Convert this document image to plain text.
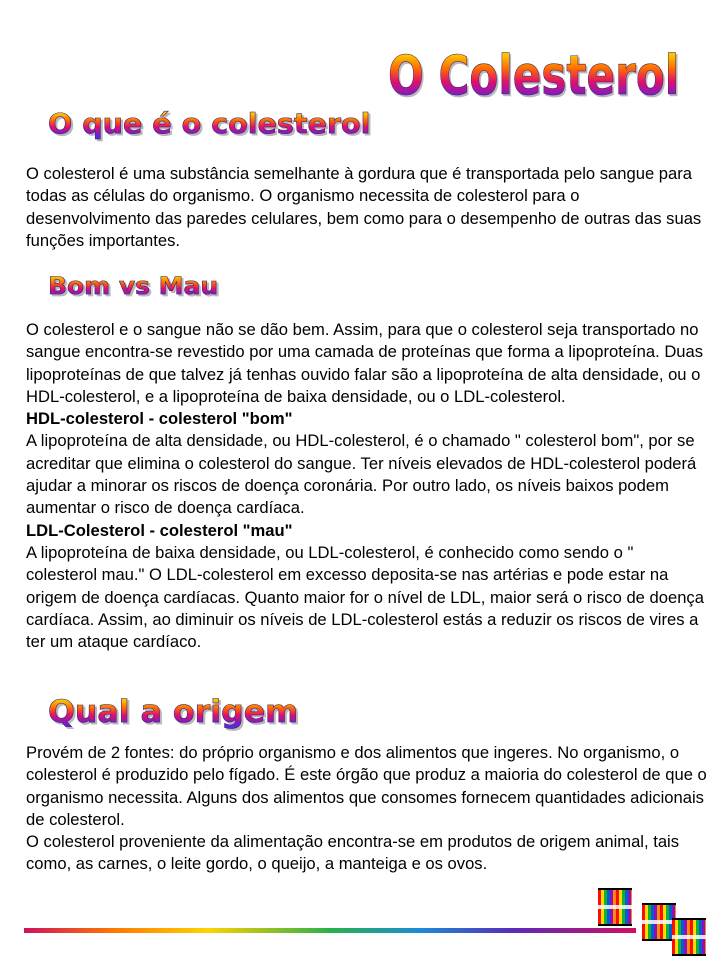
O Colesterol
O que é o colesterol

O colesterol é uma substância semelhante à gordura que é transportada pelo sangue para todas as células do organismo. O organismo necessita de colesterol para o desenvolvimento das paredes celulares, bem como para o desempenho de outras das suas funções importantes.

Bom vs Mau

O colesterol e o sangue não se dão bem. Assim, para que o colesterol seja transportado no sangue encontra-se revestido por uma camada de proteínas que forma a lipoproteína. Duas lipoproteínas de que talvez já tenhas ouvido falar são a lipoproteína de alta densidade, ou o HDL-colesterol, e a lipoproteína de baixa densidade, ou o LDL-colesterol.

HDL-colesterol - colesterol "bom"

A lipoproteína de alta densidade, ou HDL-colesterol, é o chamado " colesterol bom", por se acreditar que elimina o colesterol do sangue. Ter níveis elevados de HDL-colesterol poderá ajudar a minorar os riscos de doença coronária. Por outro lado, os níveis baixos podem aumentar o risco de doença cardíaca.

LDL-Colesterol - colesterol "mau"

A lipoproteína de baixa densidade, ou LDL-colesterol, é conhecido como sendo o " colesterol mau." O LDL-colesterol em excesso deposita-se nas artérias e pode estar na origem de doença cardíacas. Quanto maior for o nível de LDL, maior será o risco de doença cardíaca. Assim, ao diminuir os níveis de LDL-colesterol estás a reduzir os riscos de vires a ter um ataque cardíaco.

Qual a origem

Provém de 2 fontes: do próprio organismo e dos alimentos que ingeres. No organismo, o colesterol é produzido pelo fígado. É este órgão que produz a maioria do colesterol de que o organismo necessita. Alguns dos alimentos que consomes fornecem quantidades adicionais de colesterol.

O colesterol proveniente da alimentação encontra-se em produtos de origem animal, tais como, as carnes, o leite gordo, o queijo, a manteiga e os ovos.
